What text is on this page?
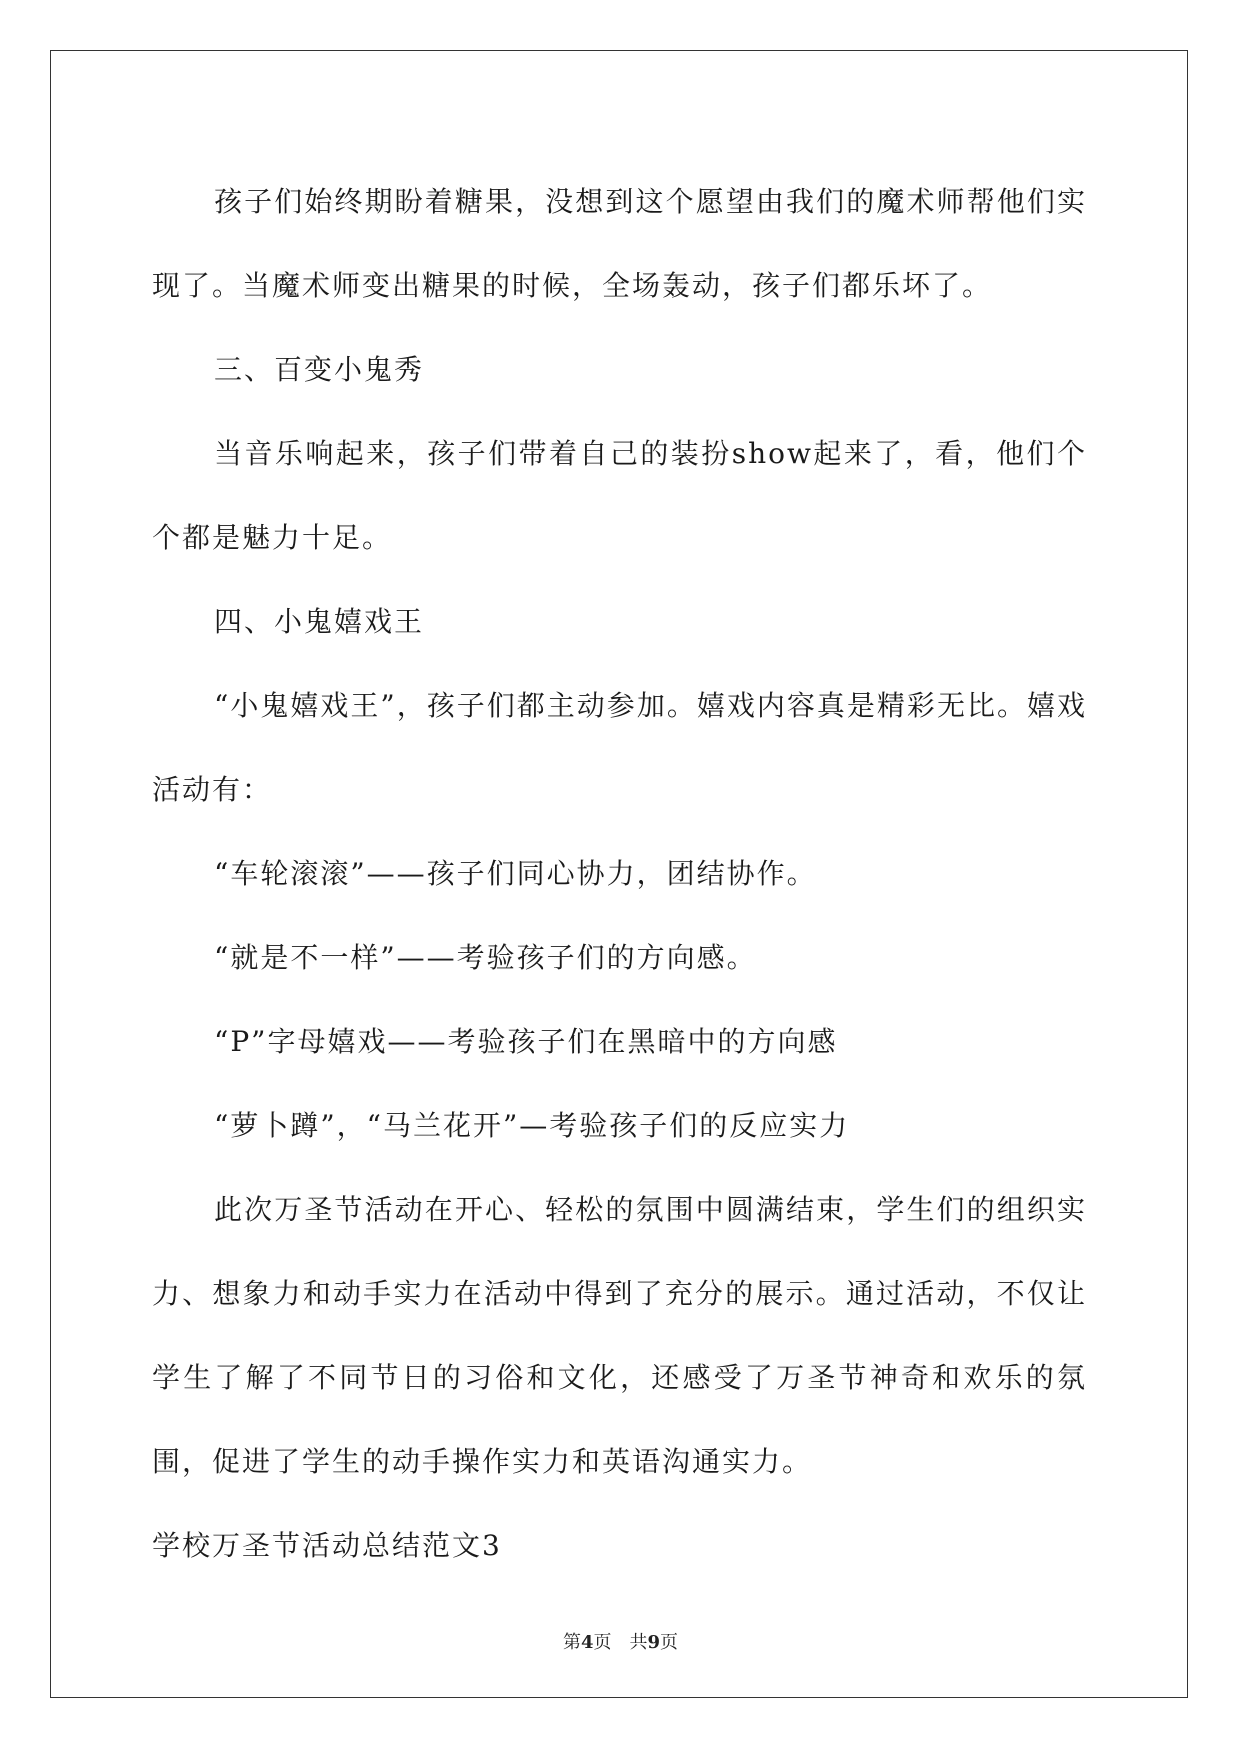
孩子们始终期盼着糖果，没想到这个愿望由我们的魔术师帮他们实现了。当魔术师变出糖果的时候，全场轰动，孩子们都乐坏了。

三、百变小鬼秀

当音乐响起来，孩子们带着自己的装扮show起来了，看，他们个个都是魅力十足。

四、小鬼嬉戏王

“小鬼嬉戏王”，孩子们都主动参加。嬉戏内容真是精彩无比。嬉戏活动有：

“车轮滚滚”——孩子们同心协力，团结协作。

“就是不一样”——考验孩子们的方向感。

“P”字母嬉戏——考验孩子们在黑暗中的方向感

“萝卜蹲”，“马兰花开”—考验孩子们的反应实力

此次万圣节活动在开心、轻松的氛围中圆满结束，学生们的组织实力、想象力和动手实力在活动中得到了充分的展示。通过活动，不仅让学生了解了不同节日的习俗和文化，还感受了万圣节神奇和欢乐的氛围，促进了学生的动手操作实力和英语沟通实力。

学校万圣节活动总结范文3

第4页　共9页
